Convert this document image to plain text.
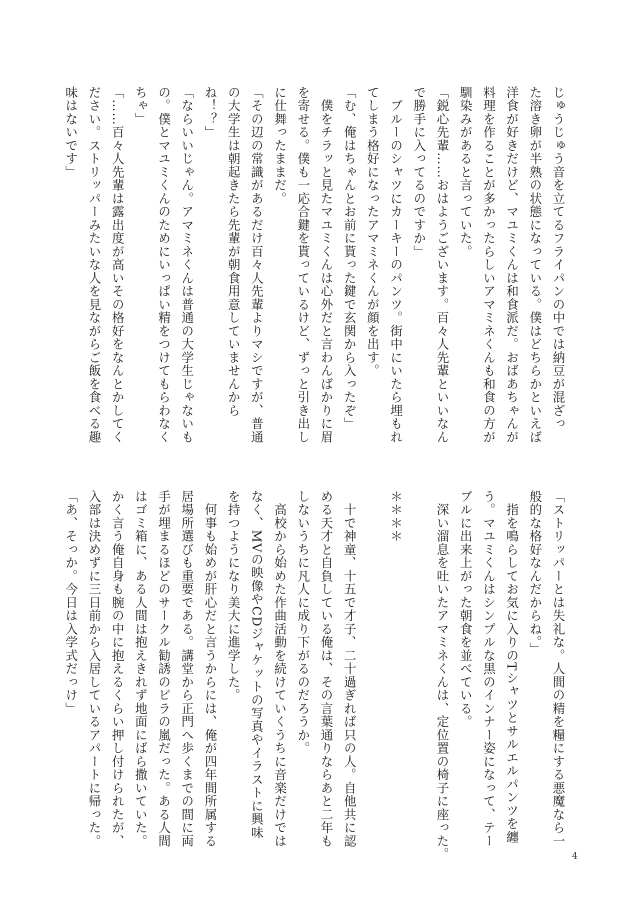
じゅうじゅう音を立てるフライパンの中では納豆が混ざっ
た溶き卵が半熟の状態になっている。僕はどちらかといえば
洋食が好きだけど、マユミくんは和食派だ。おばあちゃんが
料理を作ることが多かったらしいアマミネくんも和食の方が
馴染みがあると言っていた。
「鋭心先輩……おはようございます。百々人先輩といいなん
で勝手に入ってるのですか」
　ブルーのシャツにカーキーのパンツ。街中にいたら埋もれ
てしまう格好になったアマミネくんが顔を出す。
「む、俺はちゃんとお前に貰った鍵で玄関から入ったぞ」
　僕をチラッと見たマユミくんは心外だと言わんばかりに眉
を寄せる。僕も一応合鍵を貰っているけど、ずっと引き出し
に仕舞ったままだ。
「その辺の常識があるだけ百々人先輩よりマシですが、普通
の大学生は朝起きたら先輩が朝食用意していませんから
ね！？」
「ならいいじゃん。アマミネくんは普通の大学生じゃないも
の。僕とマユミくんのためにいっぱい精をつけてもらわなく
ちゃ」
「……百々人先輩は露出度が高いその格好をなんとかしてく
ださい。ストリッパーみたいな人を見ながらご飯を食べる趣
味はないです」
「ストリッパーとは失礼な。人間の精を糧にする悪魔なら一
般的な格好なんだからね。」
　指を鳴らしてお気に入りのTシャツとサルエルパンツを纏
う。マユミくんはシンプルな黒のインナー姿になって、テー
ブルに出来上がった朝食を並べている。
　深い溜息を吐いたアマミネくんは、定位置の椅子に座った。

＊＊＊＊

　十で神童、十五で才子、二十過ぎれば只の人。自他共に認
める天才と自負している俺は、その言葉通りならあと二年も
しないうちに凡人に成り下がるのだろうか。
　高校から始めた作曲活動を続けていくうちに音楽だけでは
なく、MVの映像やCDジャケットの写真やイラストに興味
を持つようになり美大に進学した。
　何事も始めが肝心だと言うからには、俺が四年間所属する
居場所選びも重要である。講堂から正門へ歩くまでの間に両
手が埋まるほどのサークル勧誘のビラの嵐だった。ある人間
はゴミ箱に、ある人間は抱えきれず地面にばら撒いていた。
かく言う俺自身も腕の中に抱えるくらい押し付けられたが、
入部は決めずに三日前から入居しているアパートに帰った。
「あ、そっか。今日は入学式だっけ」
4
